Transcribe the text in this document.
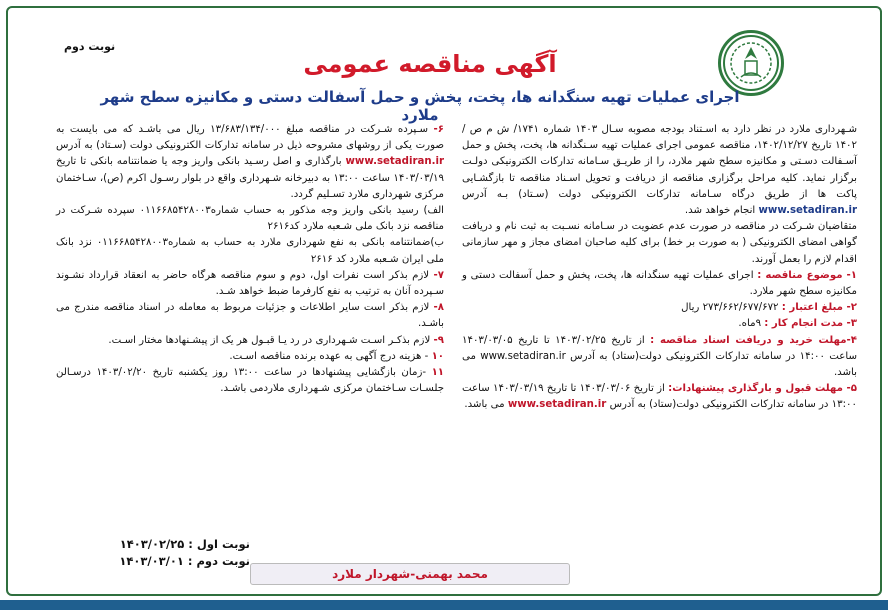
نوبت دوم
آگهی مناقصه عمومی
اجرای عملیات تهیه سنگدانه ها، پخت، پخش و حمل آسفالت دستی و مکانیزه سطح شهر ملارد

شـهرداری ملارد در نظر دارد به اسـتناد بودجه مصوبه سـال ۱۴۰۳ شماره ۱۷۴۱/ ش م ص /۱۴۰۲ تاریخ ۱۴۰۲/۱۲/۲۷، مناقصه عمومی اجرای عملیات تهیه سـنگدانه ها، پخت، پخش و حمل آسـفالت دسـتی و مکانیزه سطح شهر ملارد، را از طریـق سـامانه تدارکات الکترونیکی دولـت برگزار نماید. کلیه مراحل برگزاری مناقصه از دریافت و تحویل اسـناد مناقصه تا بازگشـایی پاکت ها از طریق درگاه سـامانه تدارکات الکترونیکی دولت (سـتاد) بـه آدرس www.setadiran.ir انجام خواهد شد.

متقاضیان شـرکت در مناقصه در صورت عدم عضویت در سـامانه نسـبت به ثبت نام و دریافت گواهی امضای الکترونیکی ( به صورت بر خط) برای کلیه صاحبان امضای مجاز و مهر سازمانی اقدام لازم را بعمل آورند.

۱- موضوع مناقصه : اجرای عملیات تهیه سنگدانه ها، پخت، پخش و حمل آسفالت دستی و مکانیزه سطح شهر ملارد.

۲- مبلغ اعتبار : ۲۷۳/۶۶۲/۶۷۷/۶۷۲ ریال

۳- مدت انجام کار : ۹ماه.

۴-مهلت خرید و دریافت اسناد مناقصه : از تاریخ ۱۴۰۳/۰۲/۲۵ تا تاریخ ۱۴۰۳/۰۳/۰۵ ساعت ۱۴:۰۰ در سامانه تدارکات الکترونیکی دولت(ستاد) به آدرس www.setadiran.ir می باشد.

۵- مهلت قبول و بارگذاری پیشنهادات: از تاریخ ۱۴۰۳/۰۳/۰۶ تا تاریخ ۱۴۰۳/۰۳/۱۹ ساعت ۱۳:۰۰ در سامانه تدارکات الکترونیکی دولت(ستاد) به آدرس www.setadiran.ir می باشد.

۶- سـپرده شـرکت در مناقصه مبلغ ۱۳/۶۸۳/۱۳۴/۰۰۰ ریال می باشـد که می بایست به صورت یکی از روشهای مشروحه ذیل در سامانه تدارکات الکترونیکی دولت (سـتاد) به آدرس www.setadiran.ir بارگذاری و اصل رسـید بانکی واریز وجه یا ضمانتنامه بانکی تا تاریخ ۱۴۰۳/۰۳/۱۹ ساعت ۱۳:۰۰ به دبیرخانه شـهرداری واقع در بلوار رسـول اکرم (ص)، سـاختمان مرکزی شهرداری ملارد تسـلیم گردد.

الف) رسید بانکی واریز وجه مذکور به حساب شماره۰۱۱۶۶۸۵۴۲۸۰۰۳ سپرده شـرکت در مناقصه نزد بانک ملی شـعبه ملارد کد۲۶۱۶

ب)ضمانتنامه بانکی به نفع شهرداری ملارد به حساب به شماره۰۱۱۶۶۸۵۴۲۸۰۰۳ نزد بانک ملی ایران شـعبه ملارد کد ۲۶۱۶

۷- لازم بذکر است نفرات اول، دوم و سوم مناقصه هرگاه حاضر به انعقاد قرارداد نشـوند سـپرده آنان به ترتیب به نفع کارفرما ضبط خواهد شـد.

۸- لازم بذکر است سایر اطلاعات و جزئیات مربوط به معامله در اسناد مناقصه مندرج می باشـد.

۹- لازم بذکـر اسـت شـهرداری در رد یـا قبـول هر یک از پیشـنهادها مختار اسـت.

۱۰ - هزینه درج آگهی به عهده برنده مناقصه اسـت.

۱۱ -زمان بازگشایی پیشنهادها در ساعت ۱۳:۰۰ روز یکشنبه تاریخ ۱۴۰۳/۰۲/۲۰ درسـالن جلسـات سـاختمان مرکزی شـهرداری ملاردمی باشـد.

نوبت اول : ۱۴۰۳/۰۲/۲۵
نوبت دوم : ۱۴۰۳/۰۳/۰۱
محمد بهمنی-شهردار ملارد
